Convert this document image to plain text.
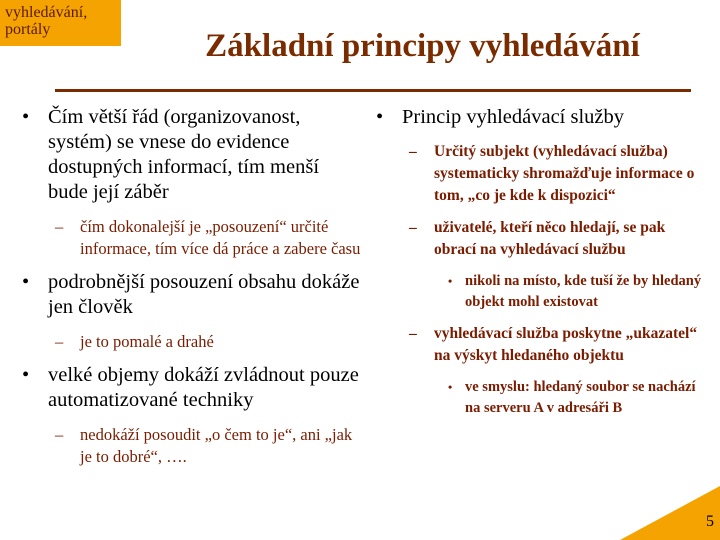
vyhledávání, portály	Základní principy vyhledávání
• Čím větší řád (organizovanost, systém) se vnese do evidence dostupných informací, tím menší bude její záběr
– čím dokonalejší je „posouzení“ určité informace, tím více dá práce a zabere času
• podrobnější posouzení obsahu dokáže jen člověk
– je to pomalé a drahé
• velké objemy dokáží zvládnout pouze automatizované techniky
– nedokáží posoudit „o čem to je“, ani „jak je to dobré“, ….
• Princip vyhledávací služby
– Určitý subjekt (vyhledávací služba) systematicky shromažďuje informace o tom, „co je kde k dispozici“
– uživatelé, kteří něco hledají, se pak obrací na vyhledávací službu
• nikoli na místo, kde tuší že by hledaný objekt mohl existovat
– vyhledávací služba poskytne „ukazatel“ na výskyt hledaného objektu
• ve smyslu: hledaný soubor se nachází na serveru A v adresáři B
5
